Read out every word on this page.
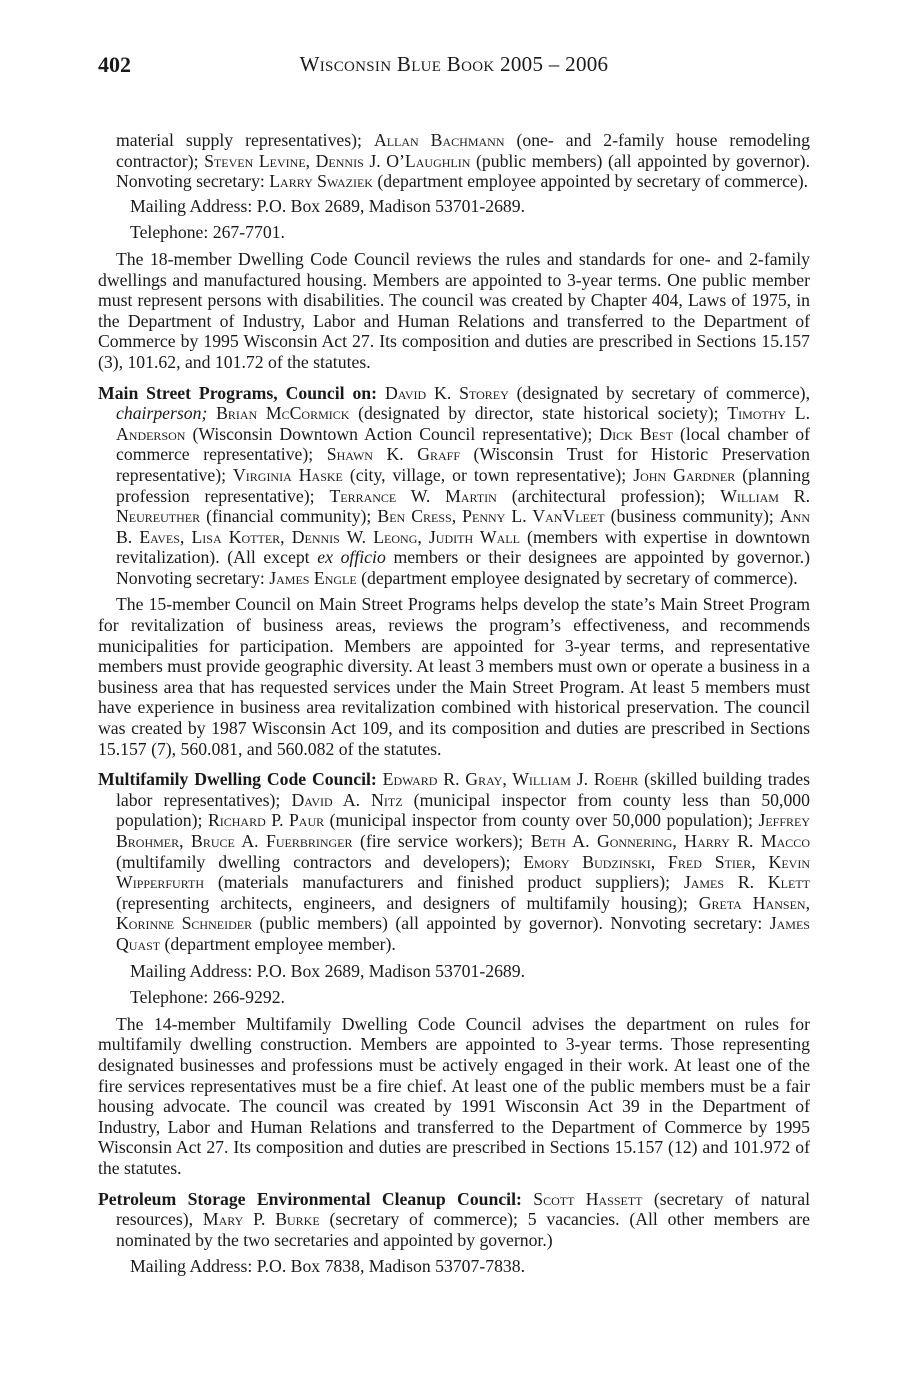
402	Wisconsin Blue Book 2005 – 2006

material supply representatives); Allan Bachmann (one- and 2-family house remodeling contractor); Steven Levine, Dennis J. O’Laughlin (public members) (all appointed by governor). Nonvoting secretary: Larry Swaziek (department employee appointed by secretary of commerce).

Mailing Address: P.O. Box 2689, Madison 53701-2689.

Telephone: 267-7701.

The 18-member Dwelling Code Council reviews the rules and standards for one- and 2-family dwellings and manufactured housing. Members are appointed to 3-year terms. One public member must represent persons with disabilities. The council was created by Chapter 404, Laws of 1975, in the Department of Industry, Labor and Human Relations and transferred to the Department of Commerce by 1995 Wisconsin Act 27. Its composition and duties are prescribed in Sections 15.157 (3), 101.62, and 101.72 of the statutes.

Main Street Programs, Council on: David K. Storey (designated by secretary of commerce), chairperson; Brian McCormick (designated by director, state historical society); Timothy L. Anderson (Wisconsin Downtown Action Council representative); Dick Best (local chamber of commerce representative); Shawn K. Graff (Wisconsin Trust for Historic Preservation representative); Virginia Haske (city, village, or town representative); John Gardner (planning profession representative); Terrance W. Martin (architectural profession); William R. Neureuther (financial community); Ben Cress, Penny L. VanVleet (business community); Ann B. Eaves, Lisa Kotter, Dennis W. Leong, Judith Wall (members with expertise in downtown revitalization). (All except ex officio members or their designees are appointed by governor.) Nonvoting secretary: James Engle (department employee designated by secretary of commerce).

The 15-member Council on Main Street Programs helps develop the state’s Main Street Program for revitalization of business areas, reviews the program’s effectiveness, and recommends municipalities for participation. Members are appointed for 3-year terms, and representative members must provide geographic diversity. At least 3 members must own or operate a business in a business area that has requested services under the Main Street Program. At least 5 members must have experience in business area revitalization combined with historical preservation. The council was created by 1987 Wisconsin Act 109, and its composition and duties are prescribed in Sections 15.157 (7), 560.081, and 560.082 of the statutes.

Multifamily Dwelling Code Council: Edward R. Gray, William J. Roehr (skilled building trades labor representatives); David A. Nitz (municipal inspector from county less than 50,000 population); Richard P. Paur (municipal inspector from county over 50,000 population); Jeffrey Brohmer, Bruce A. Fuerbringer (fire service workers); Beth A. Gonnering, Harry R. Macco (multifamily dwelling contractors and developers); Emory Budzinski, Fred Stier, Kevin Wipperfurth (materials manufacturers and finished product suppliers); James R. Klett (representing architects, engineers, and designers of multifamily housing); Greta Hansen, Korinne Schneider (public members) (all appointed by governor). Nonvoting secretary: James Quast (department employee member).

Mailing Address: P.O. Box 2689, Madison 53701-2689.

Telephone: 266-9292.

The 14-member Multifamily Dwelling Code Council advises the department on rules for multifamily dwelling construction. Members are appointed to 3-year terms. Those representing designated businesses and professions must be actively engaged in their work. At least one of the fire services representatives must be a fire chief. At least one of the public members must be a fair housing advocate. The council was created by 1991 Wisconsin Act 39 in the Department of Industry, Labor and Human Relations and transferred to the Department of Commerce by 1995 Wisconsin Act 27. Its composition and duties are prescribed in Sections 15.157 (12) and 101.972 of the statutes.

Petroleum Storage Environmental Cleanup Council: Scott Hassett (secretary of natural resources), Mary P. Burke (secretary of commerce); 5 vacancies. (All other members are nominated by the two secretaries and appointed by governor.)

Mailing Address: P.O. Box 7838, Madison 53707-7838.
